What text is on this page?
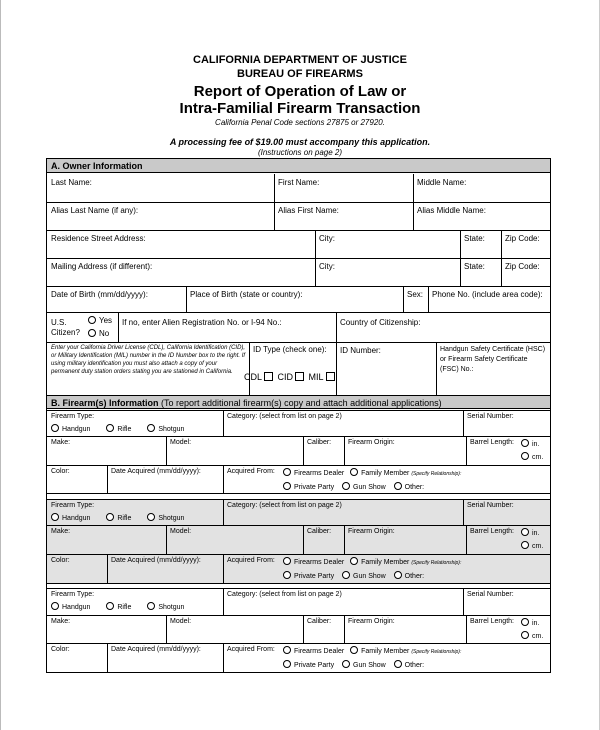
CALIFORNIA DEPARTMENT OF JUSTICE
BUREAU OF FIREARMS
Report of Operation of Law or
Intra-Familial Firearm Transaction
California Penal Code sections 27875 or 27920.
A processing fee of $19.00 must accompany this application.
(Instructions on page 2)
A. Owner Information
Last Name:	First Name:	Middle Name:
Alias Last Name (if any):	Alias First Name:	Alias Middle Name:
Residence Street Address:	City:	State:	Zip Code:
Mailing Address (if different):	City:	State:	Zip Code:
Date of Birth (mm/dd/yyyy):	Place of Birth (state or country):	Sex: Phone No. (include area code):
U.S.
Citizen?
Yes
No
If no, enter Alien Registration No. or I-94 No.:	Country of Citizenship:
Enter your California Driver License (CDL), California Identification (CID), or Military Identification (MIL) number in the ID Number box to the right. If using military identification you must also attach a copy of your permanent duty station orders stating you are stationed in California.
ID Type (check one):
CDL CID MIL
ID Number:	Handgun Safety Certificate (HSC) or Firearm Safety Certificate (FSC) No.:
B. Firearm(s) Information (To report additional firearm(s) copy and attach additional applications)
Firearm Type:
Handgun	Rifle	Shotgun
Category: (select from list on page 2)	Serial Number:
Make:	Model:	Caliber: Firearm Origin:	Barrel Length:	in.
cm.
Color:	Date Acquired (mm/dd/yyyy):	Acquired From:	Firearms Dealer Family Member (Specify Relationship):
Private Party	Gun Show	Other:
Firearm Type:
Handgun	Rifle	Shotgun
Category: (select from list on page 2)	Serial Number:
Make:	Model:	Caliber: Firearm Origin:	Barrel Length:	in.
cm.
Color:	Date Acquired (mm/dd/yyyy):	Acquired From:	Firearms Dealer Family Member (Specify Relationship):
Private Party	Gun Show	Other:
Firearm Type:
Handgun	Rifle	Shotgun
Category: (select from list on page 2)	Serial Number:
Make:	Model:	Caliber: Firearm Origin:	Barrel Length:	in.
cm.
Color:	Date Acquired (mm/dd/yyyy):	Acquired From:	Firearms Dealer Family Member (Specify Relationship):
Private Party	Gun Show	Other:
